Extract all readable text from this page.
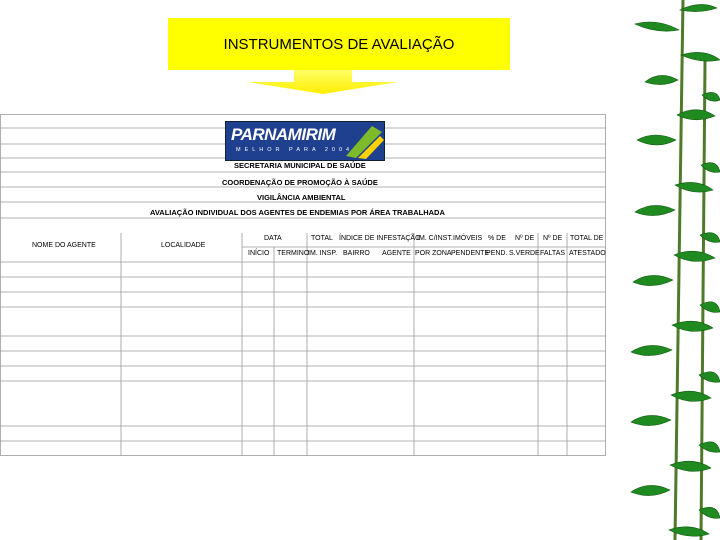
INSTRUMENTOS DE AVALIAÇÃO
PARNAMIRIM
MELHOR PARA 2004
SECRETARIA MUNICIPAL DE SAÚDE
COORDENAÇÃO DE PROMOÇÃO À SAÚDE
VIGILÂNCIA AMBIENTAL
AVALIAÇÃO INDIVIDUAL DOS AGENTES DE ENDEMIAS POR ÁREA TRABALHADA
NOME DO AGENTE	LOCALIDADE
DATA
INÍCIO TERMINO
TOTAL
IM. INSP.
ÍNDICE DE INFESTAÇÃO
BAIRRO AGENTE
IM. C/INST.
POR ZONA
IMÓVEIS
PENDENTE
% DE
PEND.
Nº DE
S.VERDE
Nº DE
FALTAS
TOTAL DE
ATESTADO
